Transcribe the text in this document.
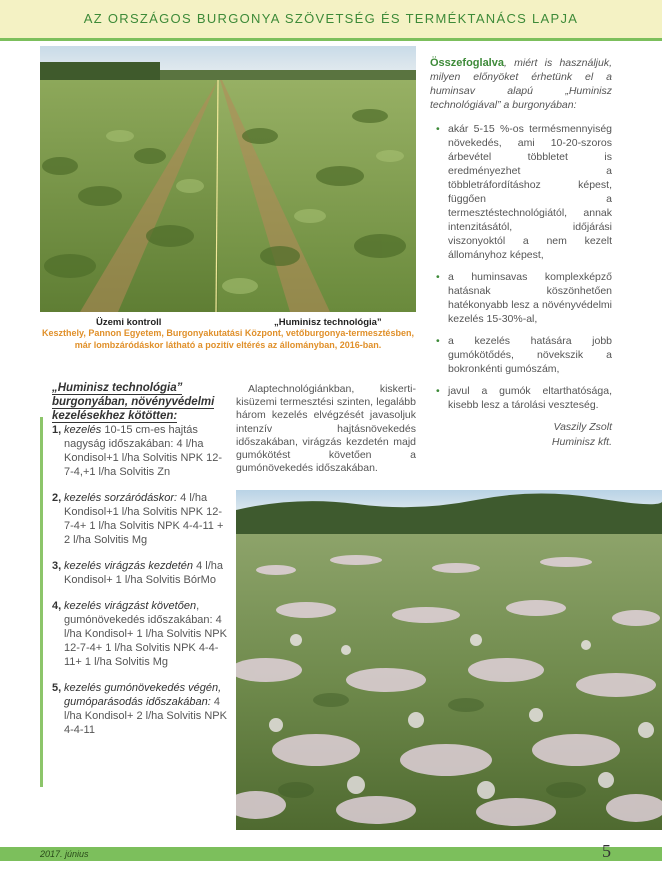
AZ ORSZÁGOS BURGONYA SZÖVETSÉG ÉS TERMÉKTANÁCS LAPJA
Üzemi kontroll	„Huminisz technológia”
Keszthely, Pannon Egyetem, Burgonyakutatási Központ, vetőburgonya-termesztésben, már lombzáródáskor látható a pozitív eltérés az állományban, 2016-ban.

Összefoglalva, miért is használjuk, milyen előnyöket érhetünk el a huminsav alapú „Huminisz technológiával” a burgonyában:

• akár 5-15 %-os termésmennyiség növekedés, ami 10-20-szoros árbevétel többletet is eredményezhet a többletráfordításhoz képest, függően a termesztéstechnológiától, annak intenzitásától, időjárási viszonyoktól a nem kezelt állományhoz képest,
• a huminsavas komplexképző hatásnak köszönhetően hatékonyabb lesz a növényvédelmi kezelés 15-30%-al,
• a kezelés hatására jobb gumókötődés, növekszik a bokronkénti gumószám,
• javul a gumók eltarthatósága, kisebb lesz a tárolási veszteség.
Vaszily Zsolt
Huminisz kft.
„Huminisz technológia” burgonyában, növényvédelmi kezelésekhez kötötten:
1, kezelés 10-15 cm-es hajtás nagyság időszakában: 4 l/ha Kondisol+1 l/ha Solvitis NPK 12-7-4,+1 l/ha Solvitis Zn
2, kezelés sorzáródáskor: 4 l/ha Kondisol+1 l/ha Solvitis NPK 12-7-4+ 1 l/ha Solvitis NPK 4-4-11 + 2 l/ha Solvitis Mg
3, kezelés virágzás kezdetén 4 l/ha Kondisol+ 1 l/ha Solvitis BórMo
4, kezelés virágzást követően, gumónövekedés időszakában: 4 l/ha Kondisol+ 1 l/ha Solvitis NPK 12-7-4+ 1 l/ha Solvitis NPK 4-4-11+ 1 l/ha Solvitis Mg
5, kezelés gumónövekedés végén, gumóparásodás időszakában: 4 l/ha Kondisol+ 2 l/ha Solvitis NPK 4-4-11
Alaptechnológiánkban, kiskerti-kisüzemi termesztési szinten, legalább három kezelés elvégzését javasoljuk intenzív hajtásnövekedés időszakában, virágzás kezdetén majd gumókötést követően a gumónövekedés időszakában.
2017. június	5
